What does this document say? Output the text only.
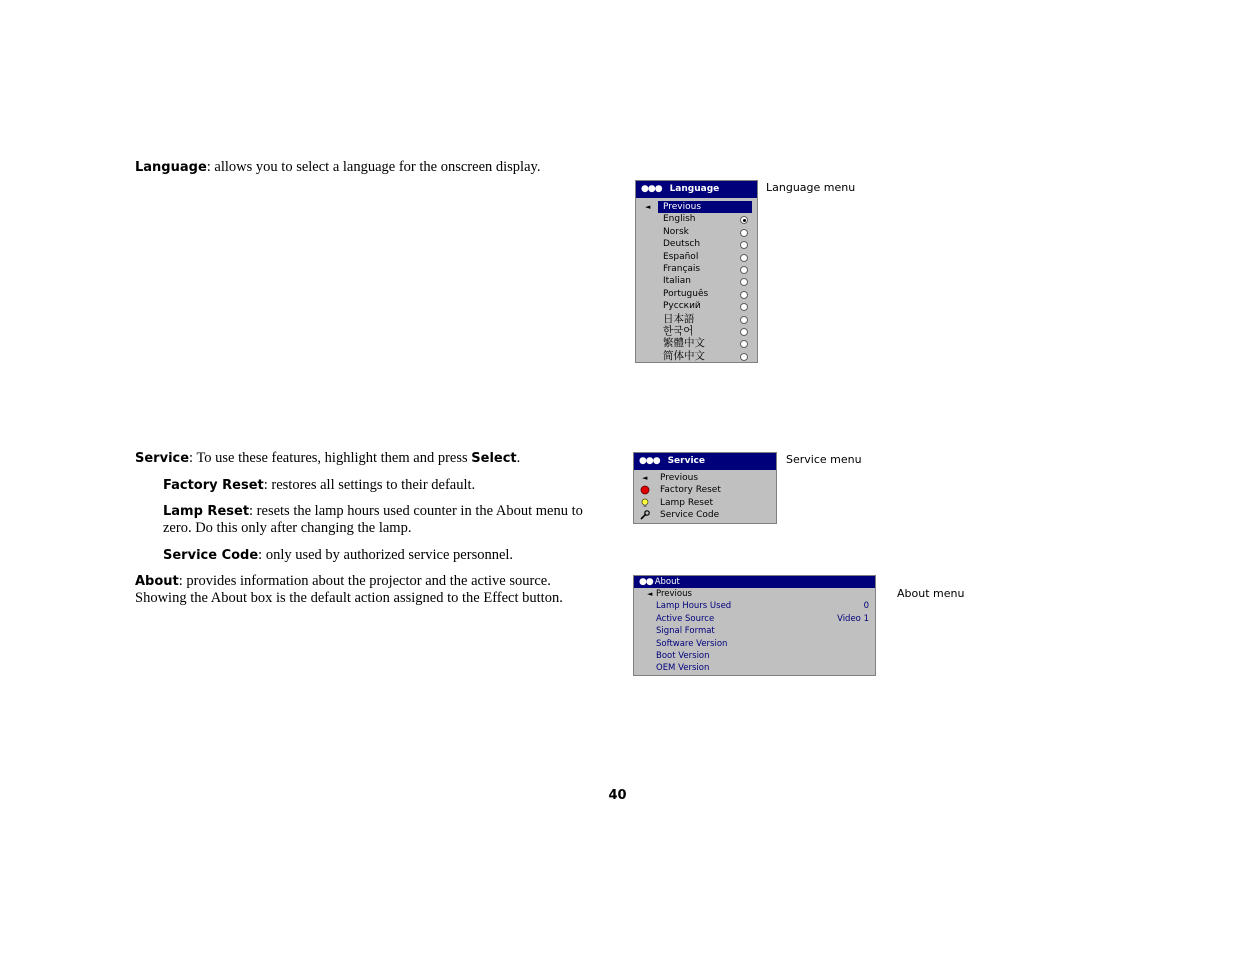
Language: allows you to select a language for the onscreen display.
●●● Language
◄	Previous
English
Norsk
Deutsch
Español
Français
Italian
Português
Русский
日本語
한국어
繁體中文
简体中文
Language menu
Service: To use these features, highlight them and press Select.
Factory Reset: restores all settings to their default.
Lamp Reset: resets the lamp hours used counter in the About menu to zero. Do this only after changing the lamp.
Service Code: only used by authorized service personnel.
●●● Service
◄	Previous
Factory Reset
Lamp Reset
Service Code
Service menu
About: provides information about the projector and the active source. Showing the About box is the default action assigned to the Effect button.
●● About
◄ Previous
Lamp Hours Used	0
Active Source	Video 1
Signal Format
Software Version
Boot Version
OEM Version
About menu
40
